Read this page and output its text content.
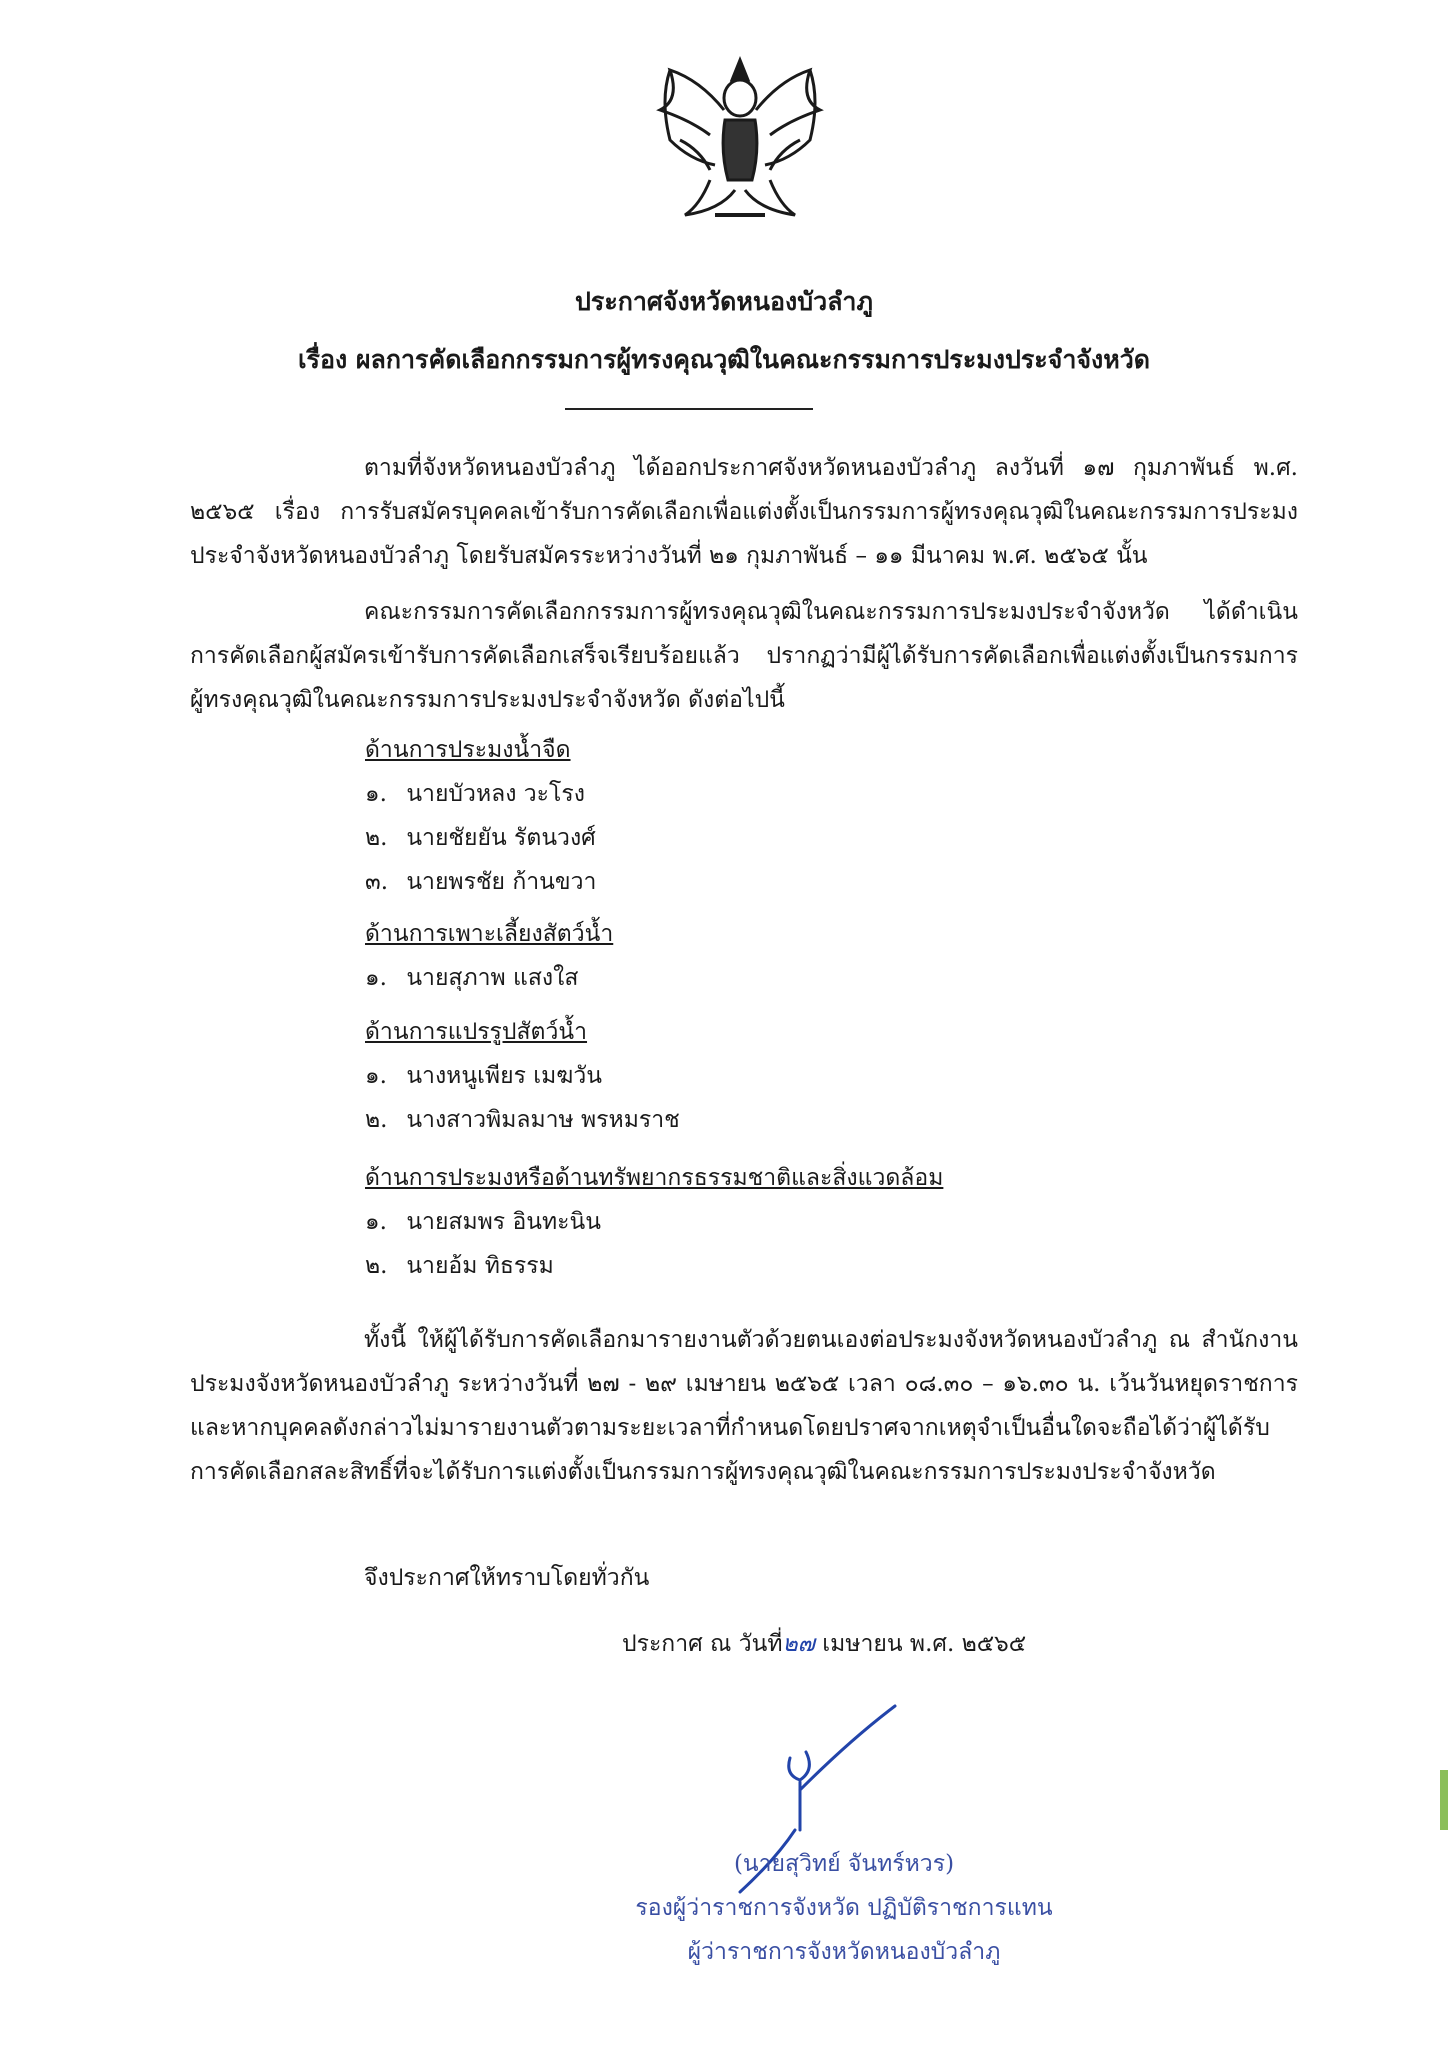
ประกาศจังหวัดหนองบัวลำภู
เรื่อง ผลการคัดเลือกกรรมการผู้ทรงคุณวุฒิในคณะกรรมการประมงประจำจังหวัด
ตามที่จังหวัดหนองบัวลำภู ได้ออกประกาศจังหวัดหนองบัวลำภู ลงวันที่ ๑๗ กุมภาพันธ์ พ.ศ. ๒๕๖๕ เรื่อง การรับสมัครบุคคลเข้ารับการคัดเลือกเพื่อแต่งตั้งเป็นกรรมการผู้ทรงคุณวุฒิในคณะกรรมการประมงประจำจังหวัดหนองบัวลำภู โดยรับสมัครระหว่างวันที่ ๒๑ กุมภาพันธ์ – ๑๑ มีนาคม พ.ศ. ๒๕๖๕ นั้น
คณะกรรมการคัดเลือกกรรมการผู้ทรงคุณวุฒิในคณะกรรมการประมงประจำจังหวัด ได้ดำเนินการคัดเลือกผู้สมัครเข้ารับการคัดเลือกเสร็จเรียบร้อยแล้ว ปรากฏว่ามีผู้ได้รับการคัดเลือกเพื่อแต่งตั้งเป็นกรรมการผู้ทรงคุณวุฒิในคณะกรรมการประมงประจำจังหวัด ดังต่อไปนี้
ด้านการประมงน้ำจืด
๑. นายบัวหลง วะโรง
๒. นายชัยยัน รัตนวงศ์
๓. นายพรชัย ก้านขวา
ด้านการเพาะเลี้ยงสัตว์น้ำ
๑. นายสุภาพ แสงใส
ด้านการแปรรูปสัตว์น้ำ
๑. นางหนูเพียร เมฆวัน
๒. นางสาวพิมลมาษ พรหมราช
ด้านการประมงหรือด้านทรัพยากรธรรมชาติและสิ่งแวดล้อม
๑. นายสมพร อินทะนิน
๒. นายอ้ม ทิธรรม
ทั้งนี้ ให้ผู้ได้รับการคัดเลือกมารายงานตัวด้วยตนเองต่อประมงจังหวัดหนองบัวลำภู ณ สำนักงานประมงจังหวัดหนองบัวลำภู ระหว่างวันที่ ๒๗ - ๒๙ เมษายน ๒๕๖๕ เวลา ๐๘.๓๐ – ๑๖.๓๐ น. เว้นวันหยุดราชการ และหากบุคคลดังกล่าวไม่มารายงานตัวตามระยะเวลาที่กำหนดโดยปราศจากเหตุจำเป็นอื่นใดจะถือได้ว่าผู้ได้รับการคัดเลือกสละสิทธิ์ที่จะได้รับการแต่งตั้งเป็นกรรมการผู้ทรงคุณวุฒิในคณะกรรมการประมงประจำจังหวัด
จึงประกาศให้ทราบโดยทั่วกัน
ประกาศ ณ วันที่๒๗ เมษายน พ.ศ. ๒๕๖๕
(นายสุวิทย์ จันทร์หวร)
รองผู้ว่าราชการจังหวัด ปฏิบัติราชการแทน
ผู้ว่าราชการจังหวัดหนองบัวลำภู
